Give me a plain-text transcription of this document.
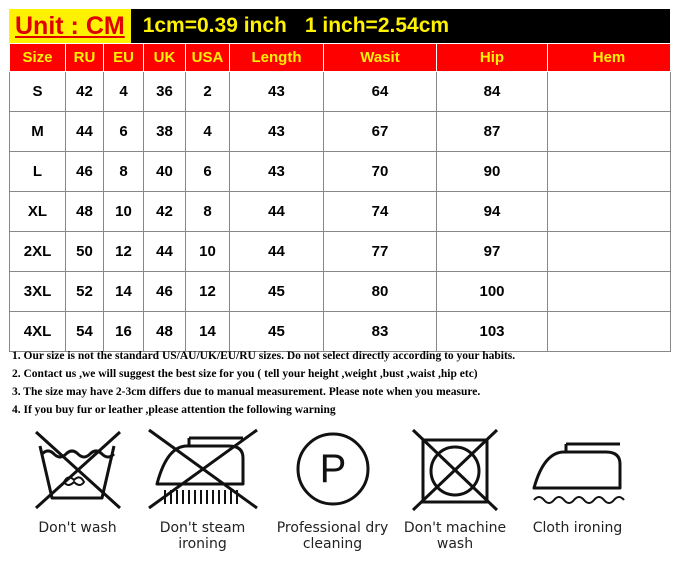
Unit : CM 1cm=0.39 inch 1 inch=2.54cm
Size	RU	EU	UK	USA	Length	Wasit	Hip	Hem
S	42	4	36	2	43	64	84	
M	44	6	38	4	43	67	87	
L	46	8	40	6	43	70	90	
XL	48	10	42	8	44	74	94	
2XL	50	12	44	10	44	77	97	
3XL	52	14	46	12	45	80	100	
4XL	54	16	48	14	45	83	103	
1. Our size is not the standard US/AU/UK/EU/RU sizes. Do not select directly according to your habits.
2. Contact us ,we will suggest the best size for you ( tell your height ,weight ,bust ,waist ,hip etc)
3. The size may have 2-3cm differs due to manual measurement. Please note when you measure.
4. If you buy fur or leather ,please attention the following warning
Don't wash	Don't steam
ironing
P
Professional dry
cleaning
Don't machine
wash
Cloth ironing
